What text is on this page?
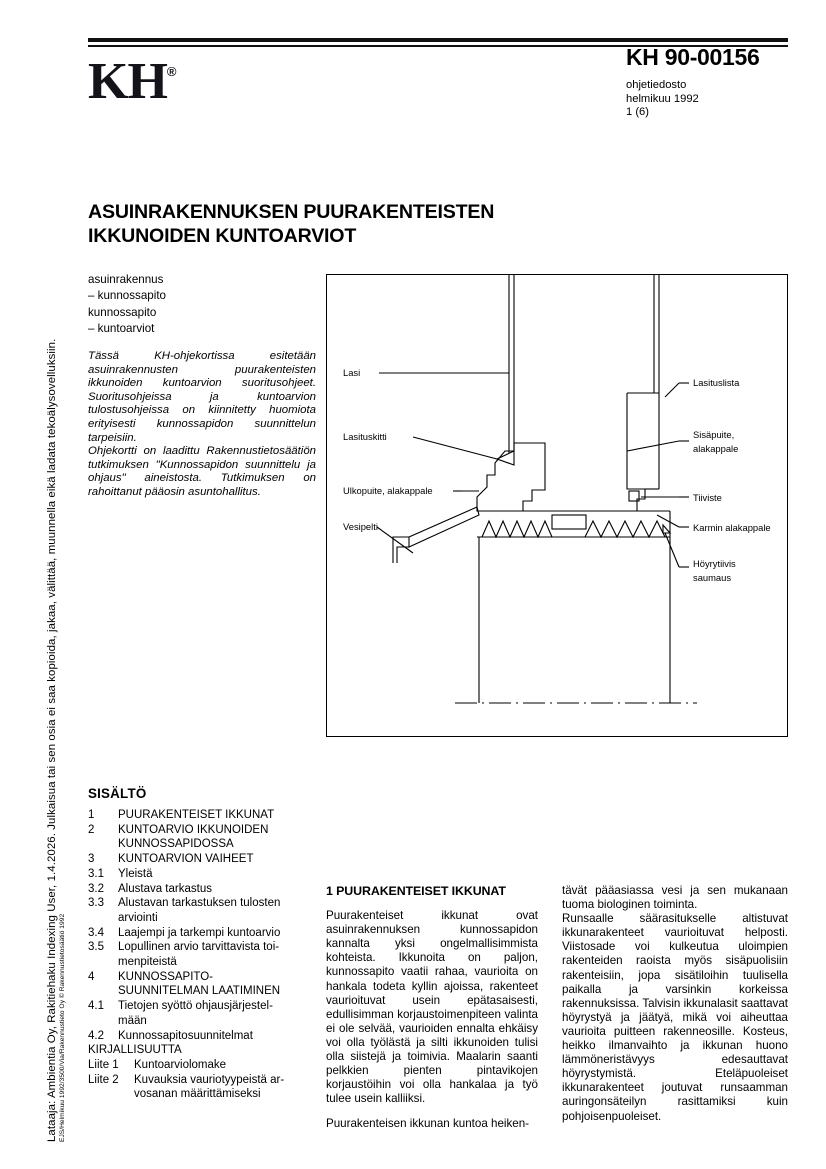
Lataaja: Ambientia Oy, Rakitiehaku Indexing User, 1.4.2026. Julkaisua tai sen osia ei saa kopioida, jakaa, välittää, muunnella eikä ladata tekoälysovelluksiin. EJS/Helmikuu 1992/3500/Via/Rakennustieto Oy © Rakennustietosäätiö 1992
KH®
KH 90-00156
ohjetiedosto
helmikuu 1992
1 (6)
ASUINRAKENNUKSEN PUURAKENTEISTEN
IKKUNOIDEN KUNTOARVIOT
asuinrakennus
– kunnossapito
kunnossapito
– kuntoarviot

Tässä KH-ohjekortissa esitetään asuinrakennusten puurakenteisten ikkunoiden kuntoarvion suoritusohjeet. Suoritusohjeissa ja kuntoarvion tulostusohjeissa on kiinnitetty huomiota erityisesti kunnossapidon suunnittelun tarpeisiin.

Ohjekortti on laadittu Rakennustietosäätiön tutkimuksen "Kunnossapidon suunnittelu ja ohjaus" aineistosta. Tutkimuksen on rahoittanut pääosin asuntohallitus.

Lasi
Lasituskitti
Ulkopuite, alakappale
Vesipelti
Lasituslista
Sisäpuite,
alakappale
Tiiviste
Karmin alakappale
Höyrytiivis
saumaus
SISÄLTÖ
1	PUURAKENTEISET IKKUNAT
2	KUNTOARVIO IKKUNOIDEN
KUNNOSSAPIDOSSA
3	KUNTOARVION VAIHEET
3.1	Yleistä
3.2	Alustava tarkastus
3.3	Alustavan tarkastuksen tulosten
arviointi
3.4	Laajempi ja tarkempi kuntoarvio
3.5	Lopullinen arvio tarvittavista toi-
menpiteistä
4	KUNNOSSAPITO-
SUUNNITELMAN LAATIMINEN
4.1	Tietojen syöttö ohjausjärjestel-
mään
4.2	Kunnossapitosuunnitelmat
KIRJALLISUUTTA
Liite 1	Kuntoarviolomake
Liite 2	Kuvauksia vauriotyypeistä ar-
vosanan määrittämiseksi
1 PUURAKENTEISET IKKUNAT

Puurakenteiset ikkunat ovat asuinrakennuksen kunnossapidon kannalta yksi ongelmallisimmista kohteista. Ikkunoita on paljon, kunnossapito vaatii rahaa, vaurioita on hankala todeta kyllin ajoissa, rakenteet vaurioituvat usein epätasaisesti, edullisimman korjaustoimenpiteen valinta ei ole selvää, vaurioiden ennalta ehkäisy voi olla työlästä ja silti ikkunoiden tulisi olla siistejä ja toimivia. Maalarin saanti pelkkien pienten pintavikojen korjaustöihin voi olla hankalaa ja työ tulee usein kalliiksi.

Puurakenteisen ikkunan kuntoa heiken-

tävät pääasiassa vesi ja sen mukanaan tuoma biologinen toiminta.

Runsaalle säärasitukselle altistuvat ikkunarakenteet vaurioituvat helposti. Viistosade voi kulkeutua uloimpien rakenteiden raoista myös sisäpuolisiin rakenteisiin, jopa sisätiloihin tuulisella paikalla ja varsinkin korkeissa rakennuksissa. Talvisin ikkunalasit saattavat höyrystyä ja jäätyä, mikä voi aiheuttaa vaurioita puitteen rakenneosille. Kosteus, heikko ilmanvaihto ja ikkunan huono lämmöneristävyys edesauttavat höyrystymistä. Eteläpuoleiset ikkunarakenteet joutuvat runsaamman auringonsäteilyn rasittamiksi kuin pohjoisenpuoleiset.
